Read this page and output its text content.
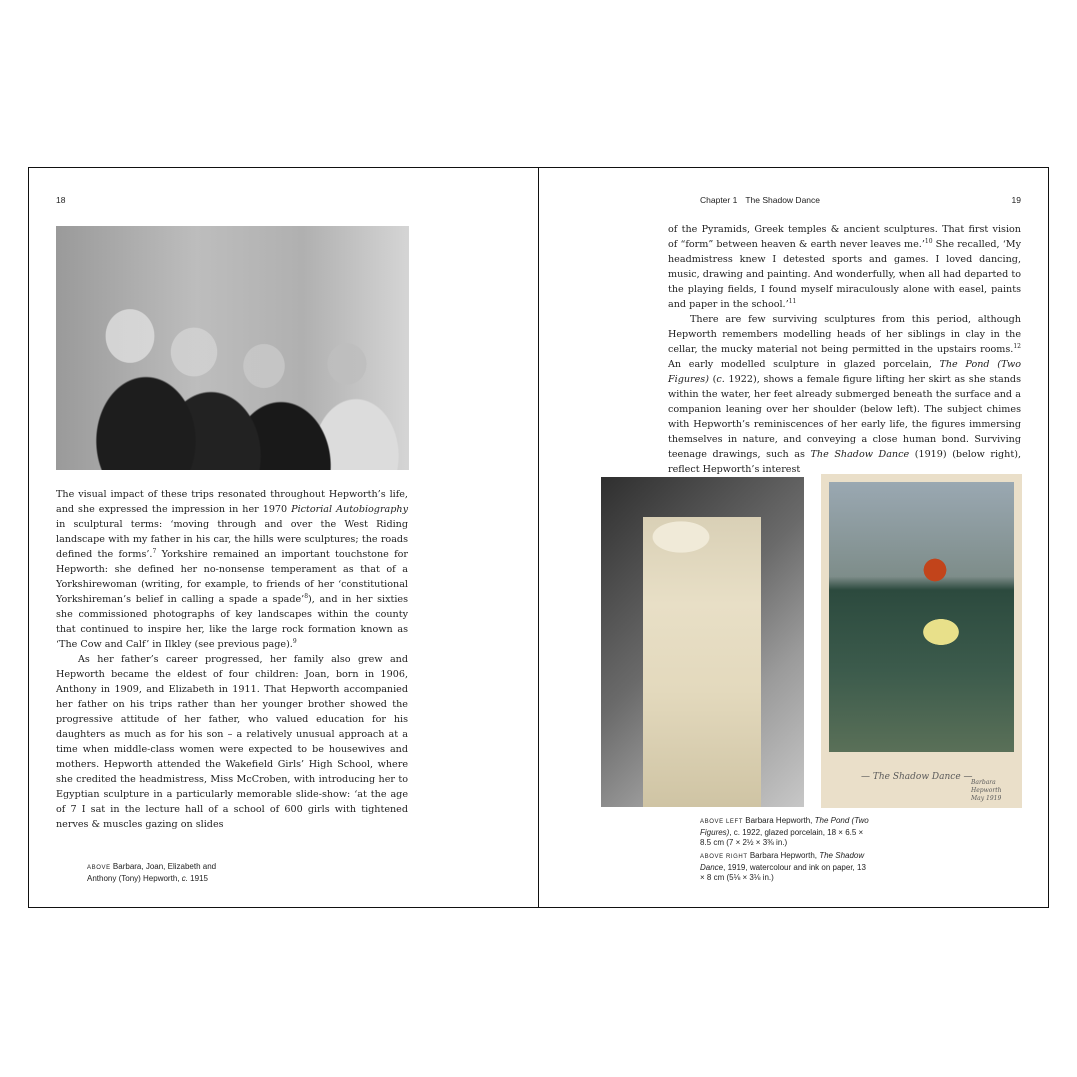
18

The visual impact of these trips resonated throughout Hepworth’s life, and she expressed the impression in her 1970 Pictorial Autobiography in sculptural terms: ‘moving through and over the West Riding landscape with my father in his car, the hills were sculptures; the roads defined the forms’.$^7$ Yorkshire remained an important touchstone for Hepworth: she defined her no-nonsense temperament as that of a Yorkshirewoman (writing, for example, to friends of her ‘constitutional Yorkshireman’s belief in calling a spade a spade’$^8$), and in her sixties she commissioned photographs of key landscapes within the county that continued to inspire her, like the large rock formation known as ‘The Cow and Calf’ in Ilkley (see previous page).$^9$

As her father’s career progressed, her family also grew and Hepworth became the eldest of four children: Joan, born in 1906, Anthony in 1909, and Elizabeth in 1911. That Hepworth accompanied her father on his trips rather than her younger brother showed the progressive attitude of her father, who valued education for his daughters as much as for his son – a relatively unusual approach at a time when middle-class women were expected to be housewives and mothers. Hepworth attended the Wakefield Girls’ High School, where she credited the headmistress, Miss McCroben, with introducing her to Egyptian sculpture in a particularly memorable slide-show: ‘at the age of 7 I sat in the lecture hall of a school of 600 girls with tightened nerves & muscles gazing on slides

ABOVE Barbara, Joan, Elizabeth and Anthony (Tony) Hepworth, c. 1915
Chapter 1 The Shadow Dance	19

of the Pyramids, Greek temples & ancient sculptures. That first vision of “form” between heaven & earth never leaves me.’$^{10}$ She recalled, ‘My headmistress knew I detested sports and games. I loved dancing, music, drawing and painting. And wonderfully, when all had departed to the playing fields, I found myself miraculously alone with easel, paints and paper in the school.’$^{11}$

There are few surviving sculptures from this period, although Hepworth remembers modelling heads of her siblings in clay in the cellar, the mucky material not being permitted in the upstairs rooms.$^{12}$ An early modelled sculpture in glazed porcelain, The Pond (Two Figures) (c. 1922), shows a female figure lifting her skirt as she stands within the water, her feet already submerged beneath the surface and a companion leaning over her shoulder (below left). The subject chimes with Hepworth’s reminiscences of her early life, the figures immersing themselves in nature, and conveying a close human bond. Surviving teenage drawings, such as The Shadow Dance (1919) (below right), reflect Hepworth’s interest

— The Shadow Dance —
Barbara Hepworth May 1919
ABOVE LEFT Barbara Hepworth, The Pond (Two Figures), c. 1922, glazed porcelain, 18 × 6.5 × 8.5 cm (7 × 2½ × 3⅜ in.)
ABOVE RIGHT Barbara Hepworth, The Shadow Dance, 1919, watercolour and ink on paper, 13 × 8 cm (5⅛ × 3⅛ in.)
